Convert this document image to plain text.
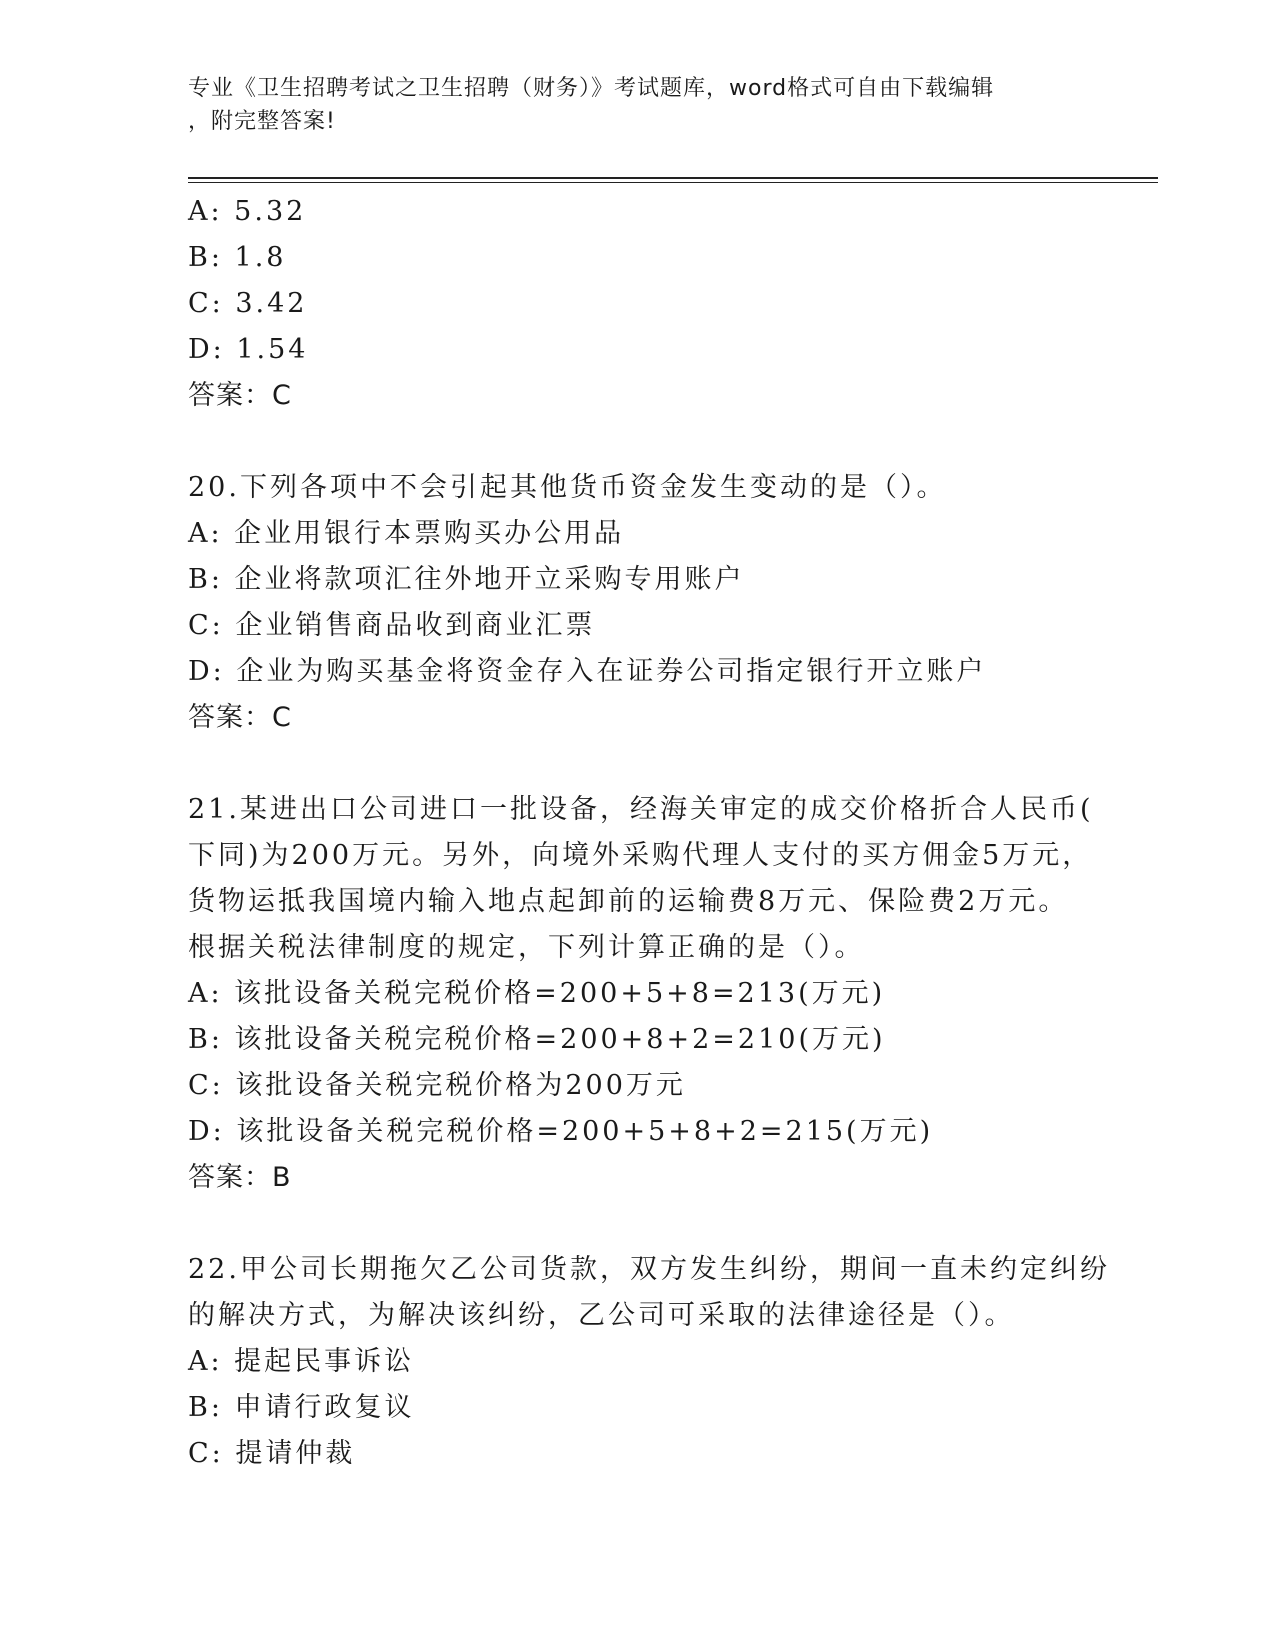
专业《卫生招聘考试之卫生招聘（财务）》考试题库，word格式可自由下载编辑
，附完整答案!
A: 5.32
B: 1.8
C: 3.42
D: 1.54
答案：C
20.下列各项中不会引起其他货币资金发生变动的是（）。
A: 企业用银行本票购买办公用品
B: 企业将款项汇往外地开立采购专用账户
C: 企业销售商品收到商业汇票
D: 企业为购买基金将资金存入在证券公司指定银行开立账户
答案：C
21.某进出口公司进口一批设备，经海关审定的成交价格折合人民币(
下同)为200万元。另外，向境外采购代理人支付的买方佣金5万元，
货物运抵我国境内输入地点起卸前的运输费8万元、保险费2万元。
根据关税法律制度的规定，下列计算正确的是（）。
A: 该批设备关税完税价格=200+5+8=213(万元)
B: 该批设备关税完税价格=200+8+2=210(万元)
C: 该批设备关税完税价格为200万元
D: 该批设备关税完税价格=200+5+8+2=215(万元)
答案：B
22.甲公司长期拖欠乙公司货款，双方发生纠纷，期间一直未约定纠纷
的解决方式，为解决该纠纷，乙公司可采取的法律途径是（）。
A: 提起民事诉讼
B: 申请行政复议
C: 提请仲裁
